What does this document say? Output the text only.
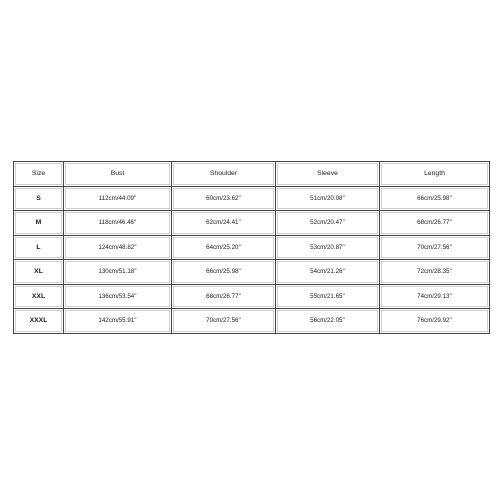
Size	Bust	Shoulder	Sleeve	Length
S	112cm/44.09''	60cm/23.62''	51cm/20.08''	66cm/25.98''
M	118cm/46.46''	62cm/24.41''	52cm/20.47''	68cm/26.77''
L	124cm/48.82''	64cm/25.20''	53cm/20.87''	70cm/27.56''
XL	130cm/51.18''	66cm/25.98''	54cm/21.26''	72cm/28.35''
XXL	136cm/53.54''	68cm/26.77''	55cm/21.65''	74cm/29.13''
XXXL	142cm/55.91''	70cm/27.56''	56cm/22.05''	76cm/29.92''
